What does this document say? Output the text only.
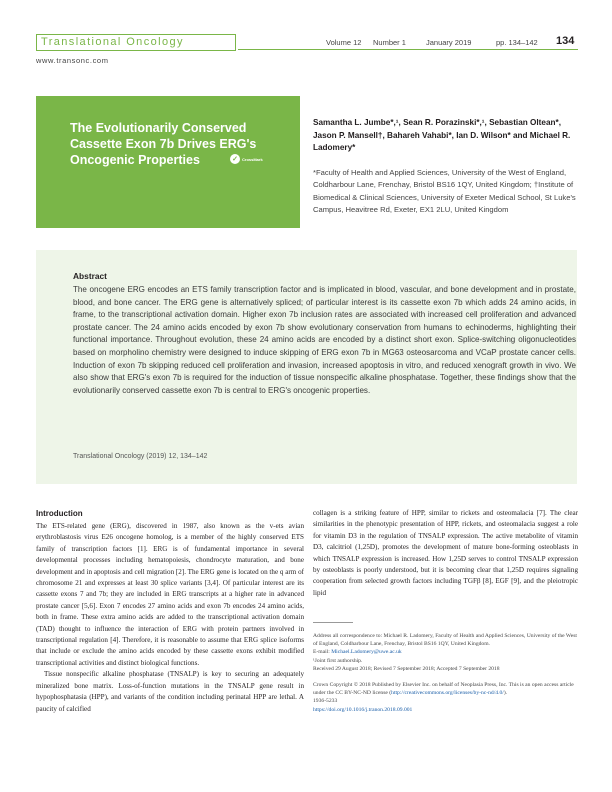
Translational Oncology	Volume 12 Number 1	January 2019	pp. 134–142 134
www.transonc.com
The Evolutionarily Conserved Cassette Exon 7b Drives ERG's Oncogenic Properties	✓	CrossMark
Samantha L. Jumbe*,¹, Sean R. Porazinski*,¹, Sebastian Oltean*, Jason P. Mansell†, Bahareh Vahabi*, Ian D. Wilson* and Michael R. Ladomery*
*Faculty of Health and Applied Sciences, University of the West of England, Coldharbour Lane, Frenchay, Bristol BS16 1QY, United Kingdom; †Institute of Biomedical & Clinical Sciences, University of Exeter Medical School, St Luke's Campus, Heavitree Rd, Exeter, EX1 2LU, United Kingdom
Abstract
The oncogene ERG encodes an ETS family transcription factor and is implicated in blood, vascular, and bone development and in prostate, blood, and bone cancer. The ERG gene is alternatively spliced; of particular interest is its cassette exon 7b which adds 24 amino acids, in frame, to the transcriptional activation domain. Higher exon 7b inclusion rates are associated with increased cell proliferation and advanced prostate cancer. The 24 amino acids encoded by exon 7b show evolutionary conservation from humans to echinoderms, highlighting their functional importance. Throughout evolution, these 24 amino acids are encoded by a distinct short exon. Splice-switching oligonucleotides based on morpholino chemistry were designed to induce skipping of ERG exon 7b in MG63 osteosarcoma and VCaP prostate cancer cells. Induction of exon 7b skipping reduced cell proliferation and invasion, increased apoptosis in vitro, and reduced xenograft growth in vivo. We also show that ERG's exon 7b is required for the induction of tissue nonspecific alkaline phosphatase. Together, these findings show that the evolutionarily conserved cassette exon 7b is central to ERG's oncogenic properties.
Translational Oncology (2019) 12, 134–142
Introduction

The ETS-related gene (ERG), discovered in 1987, also known as the v-ets avian erythroblastosis virus E26 oncogene homolog, is a member of the highly conserved ETS family of transcription factors [1]. ERG is of fundamental importance in several developmental processes including hematopoiesis, chondrocyte maturation, and bone development and in apoptosis and cell migration [2]. The ERG gene is located on the q arm of chromosome 21 and expresses at least 30 splice variants [3,4]. Of particular interest are its cassette exons 7 and 7b; they are included in ERG transcripts at a higher rate in advanced prostate cancer [5,6]. Exon 7 encodes 27 amino acids and exon 7b encodes 24 amino acids, both in frame. These extra amino acids are added to the transcriptional activation domain (TAD) thought to influence the interaction of ERG with protein partners involved in transcriptional regulation [4]. Therefore, it is reasonable to assume that ERG splice isoforms that include or exclude the amino acids encoded by these cassette exons exhibit modified transcriptional activities and distinct biological functions.

Tissue nonspecific alkaline phosphatase (TNSALP) is key to securing an adequately mineralized bone matrix. Loss-of-function mutations in the TNSALP gene result in hypophosphatasia (HPP), and variants of the condition including perinatal HPP are lethal. A paucity of calcified

collagen is a striking feature of HPP, similar to rickets and osteomalacia [7]. The clear similarities in the phenotypic presentation of HPP, rickets, and osteomalacia suggest a role for vitamin D3 in the regulation of TNSALP expression. The active metabolite of vitamin D3, calcitriol (1,25D), promotes the development of mature bone-forming osteoblasts in which TNSALP expression is increased. How 1,25D serves to control TNSALP expression by osteoblasts is poorly understood, but it is becoming clear that 1,25D requires signaling cooperation from selected growth factors including TGFβ [8], EGF [9], and the pleiotropic lipid

Address all correspondence to: Michael R. Ladomery, Faculty of Health and Applied Sciences, University of the West of England, Coldharbour Lane, Frenchay, Bristol BS16 1QY, United Kingdom.

E-mail: Michael.Ladomery@uwe.ac.uk

¹Joint first authorship.

Received 29 August 2018; Revised 7 September 2018; Accepted 7 September 2018

Crown Copyright © 2018 Published by Elsevier Inc. on behalf of Neoplasia Press, Inc. This is an open access article under the CC BY-NC-ND license (http://creativecommons.org/licenses/by-nc-nd/4.0/).

1936-5233

https://doi.org/10.1016/j.tranon.2018.09.001
